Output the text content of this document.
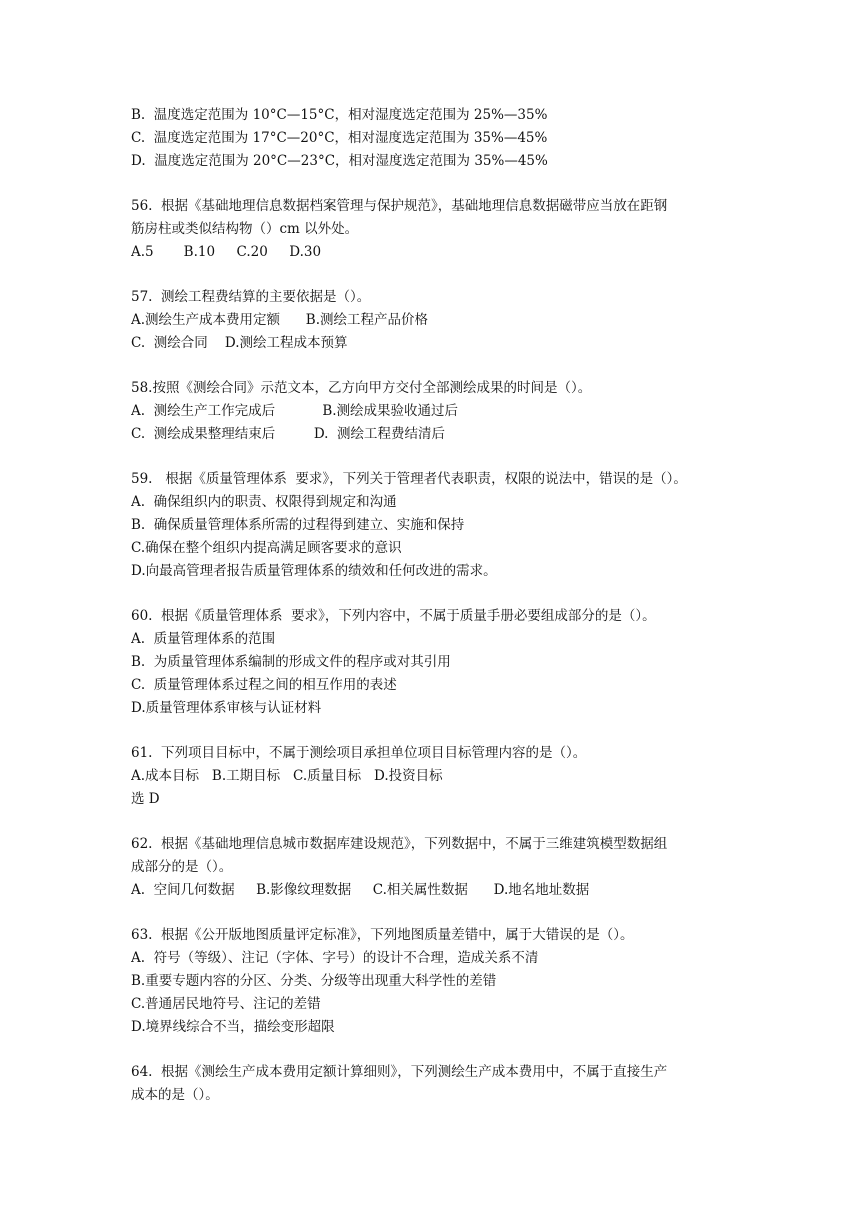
B.  温度选定范围为 10°C—15°C，相对湿度选定范围为 25%—35%
C.  温度选定范围为 17°C—20°C，相对湿度选定范围为 35%—45%
D.  温度选定范围为 20°C—23°C，相对湿度选定范围为 35%—45%
56.  根据《基础地理信息数据档案管理与保护规范》，基础地理信息数据磁带应当放在距钢
筋房柱或类似结构物（）cm 以外处。
A.5       B.10     C.20     D.30
57.  测绘工程费结算的主要依据是（）。
A.测绘生产成本费用定额      B.测绘工程产品价格
C.  测绘合同    D.测绘工程成本预算
58.按照《测绘合同》示范文本，乙方向甲方交付全部测绘成果的时间是（）。
A.  测绘生产工作完成后           B.测绘成果验收通过后
C.  测绘成果整理结束后         D.  测绘工程费结清后
59.   根据《质量管理体系  要求》，下列关于管理者代表职责，权限的说法中，错误的是（）。
A.  确保组织内的职责、权限得到规定和沟通
B.  确保质量管理体系所需的过程得到建立、实施和保持
C.确保在整个组织内提高满足顾客要求的意识
D.向最高管理者报告质量管理体系的绩效和任何改进的需求。
60.  根据《质量管理体系  要求》，下列内容中，不属于质量手册必要组成部分的是（）。
A.  质量管理体系的范围
B.  为质量管理体系编制的形成文件的程序或对其引用
C.  质量管理体系过程之间的相互作用的表述
D.质量管理体系审核与认证材料
61.  下列项目目标中，不属于测绘项目承担单位项目目标管理内容的是（）。
A.成本目标   B.工期目标   C.质量目标   D.投资目标
选 D
62.  根据《基础地理信息城市数据库建设规范》，下列数据中，不属于三维建筑模型数据组
成部分的是（）。
A.  空间几何数据     B.影像纹理数据     C.相关属性数据      D.地名地址数据
63.  根据《公开版地图质量评定标准》，下列地图质量差错中，属于大错误的是（）。
A.  符号（等级）、注记（字体、字号）的设计不合理，造成关系不清
B.重要专题内容的分区、分类、分级等出现重大科学性的差错
C.普通居民地符号、注记的差错
D.境界线综合不当，描绘变形超限
64.  根据《测绘生产成本费用定额计算细则》，下列测绘生产成本费用中，不属于直接生产
成本的是（）。
